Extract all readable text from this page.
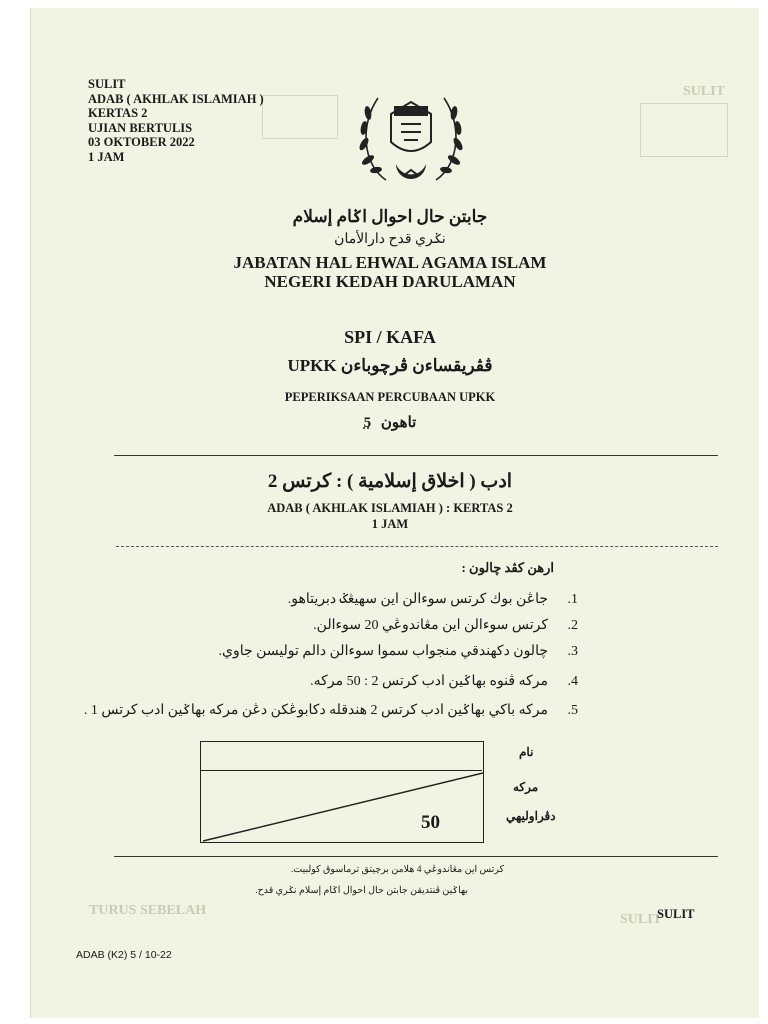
SULIT
TURUS SEBELAH
SULIT
SULIT
ADAB ( AKHLAK ISLAMIAH )
KERTAS 2
UJIAN BERTULIS
03 OKTOBER 2022
1 JAM
جابتن حال احوال اݢام إسلام
نݢري قدح دارالأمان
JABATAN HAL EHWAL AGAMA ISLAM
NEGERI KEDAH DARULAMAN
SPI / KAFA
UPKK ڤڤريقساءن ڤرچوباءن
PEPERIKSAAN PERCUBAAN UPKK
تاهون 5
ادب ( اخلاق إسلامية ) : كرتس 2
ADAB ( AKHLAK ISLAMIAH ) : KERTAS 2
1 JAM
ارهن كڤد چالون :
1.جاڠن بوك كرتس سوءالن اين سهيڠݢ دبريتاهو.
2.كرتس سوءالن اين مڠاندوڠي 20 سوءالن.
3.چالون دكهندقي منجواب سموا سوءالن دالم توليسن جاوي.
4.مركه ڤنوه بهاݢين ادب كرتس 2 : 50 مركه.
5.مركه باكي بهاݢين ادب كرتس 2 هندقله دكابوڠكن دڠن مركه بهاݢين ادب كرتس 1 .
50
نام
مركه
دڤراوليهي
كرتس اين مڠاندوڠي 4 هلامن برچيتق ترماسوق كولبيت.
بهاݢين ڤنتديقن جابتن حال احوال اݢام إسلام نݢري قدح.
ADAB (K2) 5 / 10-22
SULIT
